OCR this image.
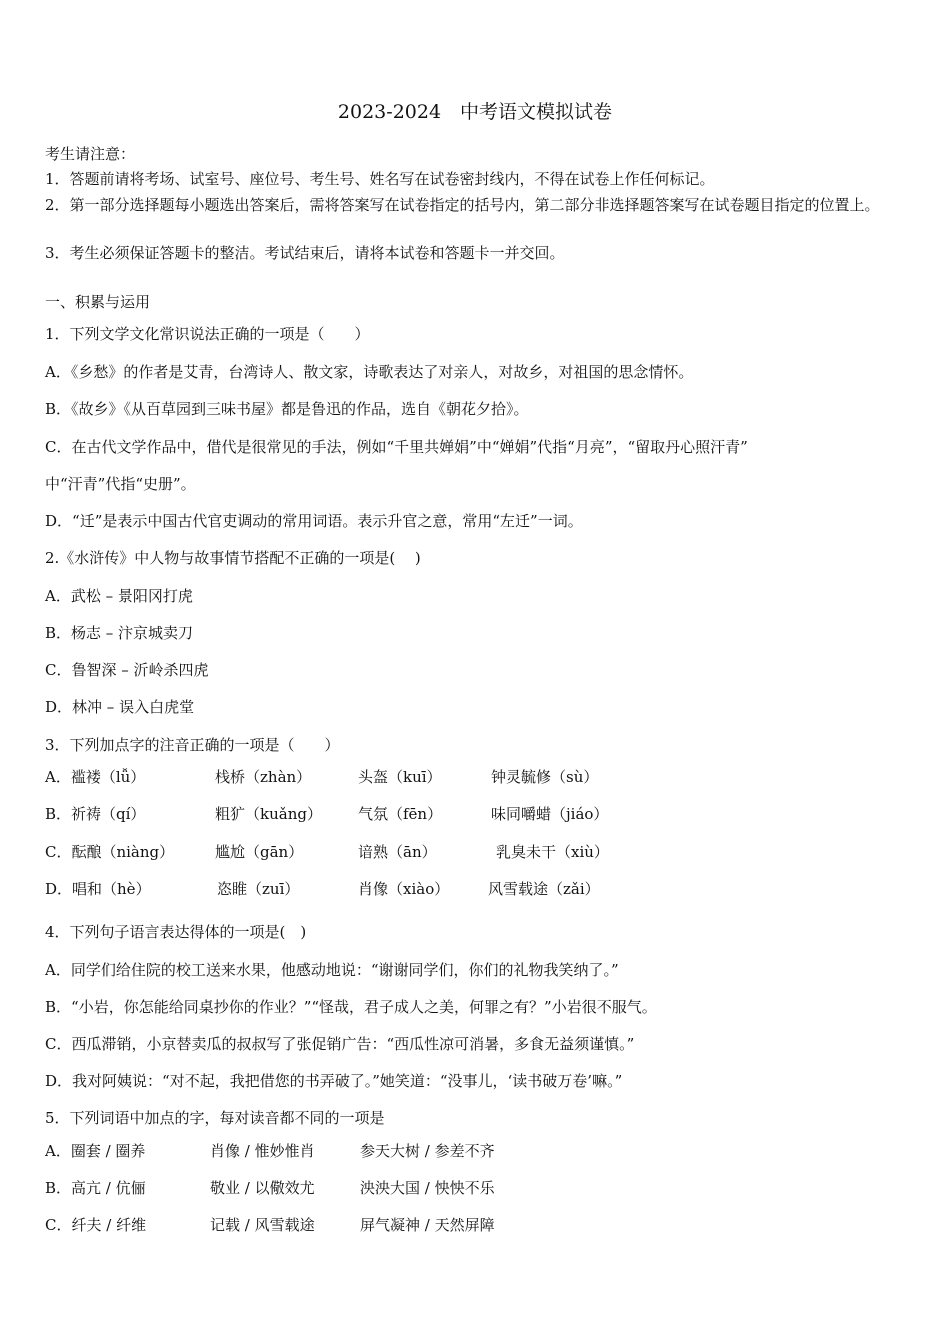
2023-2024　中考语文模拟试卷
考生请注意：
1．答题前请将考场、试室号、座位号、考生号、姓名写在试卷密封线内，不得在试卷上作任何标记。
2．第一部分选择题每小题选出答案后，需将答案写在试卷指定的括号内，第二部分非选择题答案写在试卷题目指定的位置上。
3．考生必须保证答题卡的整洁。考试结束后，请将本试卷和答题卡一并交回。
一、积累与运用
1．下列文学文化常识说法正确的一项是（　　）
A．《乡愁》的作者是艾青，台湾诗人、散文家，诗歌表达了对亲人，对故乡，对祖国的思念情怀。
B．《故乡》《从百草园到三味书屋》都是鲁迅的作品，选自《朝花夕拾》。
C．在古代文学作品中，借代是很常见的手法，例如“千里共婵娟”中“婵娟”代指“月亮”，“留取丹心照汗青”
中“汗青”代指“史册”。
D．“迁”是表示中国古代官吏调动的常用词语。表示升官之意，常用“左迁”一词。
2.《水浒传》中人物与故事情节搭配不正确的一项是(　 )
A．武松 – 景阳冈打虎
B．杨志 – 汴京城卖刀
C．鲁智深 – 沂岭杀四虎
D．林冲 – 误入白虎堂
3．下列加点字的注音正确的一项是（　　）
A．褴褛（lǚ）	栈桥（zhàn）	头盔（kuī）	钟灵毓修（sù）
B．祈祷（qí）	粗犷（kuǎng） 气氛（fēn）	味同嚼蜡（jiáo）
C．酝酿（niàng）	尴尬（gān）	谙熟（ān）	乳臭未干（xiù）
D．唱和（hè）	恣睢（zuī）	肖像（xiào）	风雪载途（zǎi）
4．下列句子语言表达得体的一项是(　)
A．同学们给住院的校工送来水果，他感动地说：“谢谢同学们，你们的礼物我笑纳了。”
B．“小岩，你怎能给同桌抄你的作业？”“怪哉，君子成人之美，何罪之有？”小岩很不服气。
C．西瓜滞销，小京替卖瓜的叔叔写了张促销广告：“西瓜性凉可消暑，多食无益须谨慎。”
D．我对阿姨说：“对不起，我把借您的书弄破了。”她笑道：“没事儿，‘读书破万卷’嘛。”
5．下列词语中加点的字，每对读音都不同的一项是
A．圈套 / 圈养	肖像 / 惟妙惟肖	参天大树 / 参差不齐
B．高亢 / 伉俪	敬业 / 以儆效尤	泱泱大国 / 怏怏不乐
C．纤夫 / 纤维	记载 / 风雪载途	屏气凝神 / 天然屏障
